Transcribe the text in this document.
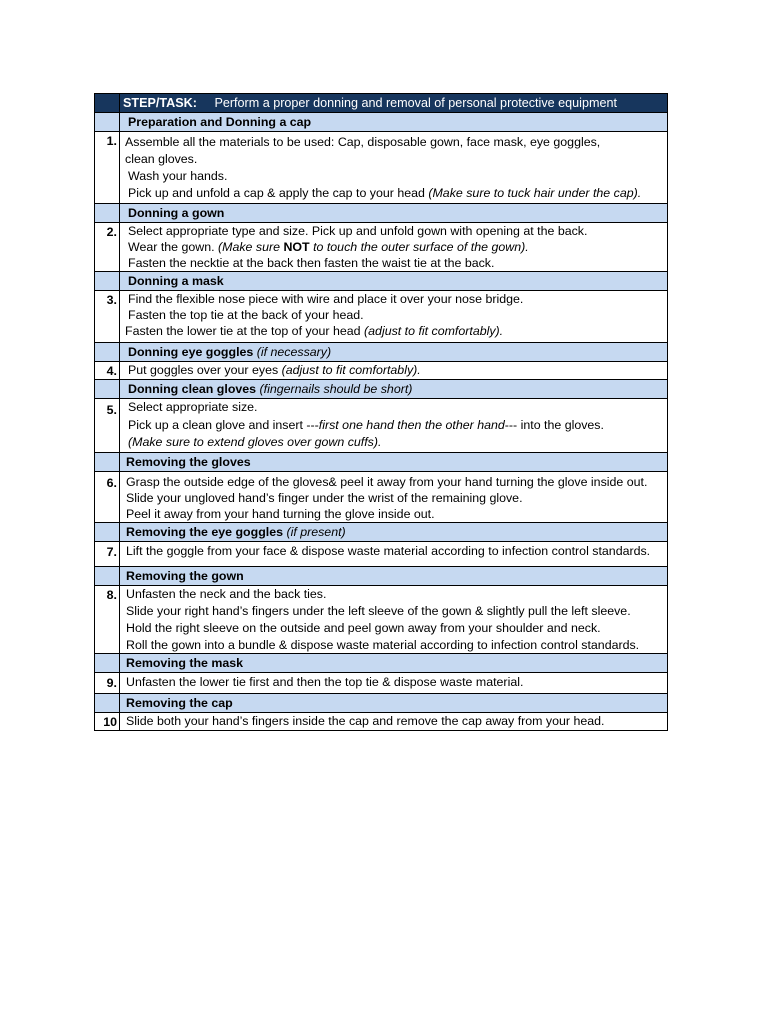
	STEP/TASK: Perform a proper donning and removal of personal protective equipment

	Preparation and Donning a cap

1.	Assemble all the materials to be used: Cap, disposable gown, face mask, eye goggles,
clean gloves.
Wash your hands.
Pick up and unfold a cap & apply the cap to your head (Make sure to tuck hair under the cap).

	Donning a gown

2.	Select appropriate type and size. Pick up and unfold gown with opening at the back.
Wear the gown. (Make sure NOT to touch the outer surface of the gown).
Fasten the necktie at the back then fasten the waist tie at the back.

	Donning a mask

3.	Find the flexible nose piece with wire and place it over your nose bridge.
Fasten the top tie at the back of your head.
Fasten the lower tie at the top of your head (adjust to fit comfortably).

	Donning eye goggles (if necessary)

4.	Put goggles over your eyes (adjust to fit comfortably).

	Donning clean gloves (fingernails should be short)

5.	Select appropriate size.
Pick up a clean glove and insert ---first one hand then the other hand--- into the gloves.
(Make sure to extend gloves over gown cuffs).

	Removing the gloves

6.	Grasp the outside edge of the gloves& peel it away from your hand turning the glove inside out.
Slide your ungloved hand’s finger under the wrist of the remaining glove.
Peel it away from your hand turning the glove inside out.

	Removing the eye goggles (if present)

7.	Lift the goggle from your face & dispose waste material according to infection control standards.

	Removing the gown

8.	Unfasten the neck and the back ties.
Slide your right hand’s fingers under the left sleeve of the gown & slightly pull the left sleeve.
Hold the right sleeve on the outside and peel gown away from your shoulder and neck.
Roll the gown into a bundle & dispose waste material according to infection control standards.

	Removing the mask

9.	Unfasten the lower tie first and then the top tie & dispose waste material.

	Removing the cap

10	Slide both your hand’s fingers inside the cap and remove the cap away from your head.
